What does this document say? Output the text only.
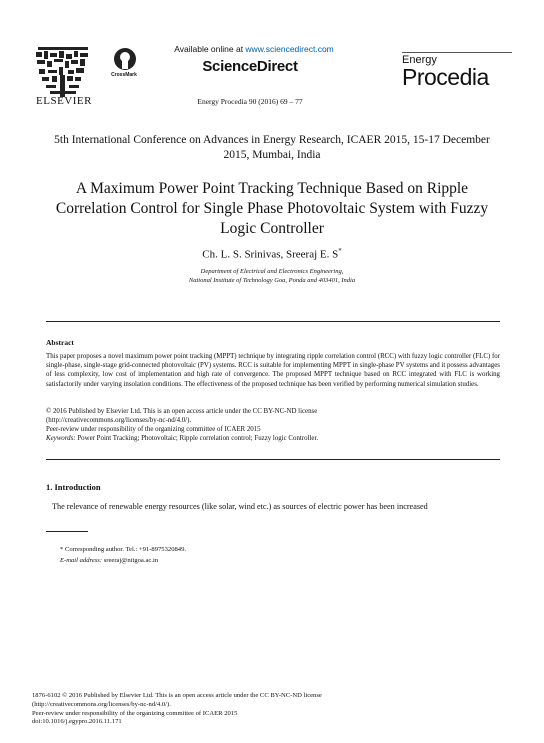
ELSEVIER
CrossMark
Available online at www.sciencedirect.com
ScienceDirect
Energy Procedia 90 (2016) 69 – 77
Energy
Procedia
5th International Conference on Advances in Energy Research, ICAER 2015, 15-17 December 2015, Mumbai, India
A Maximum Power Point Tracking Technique Based on Ripple Correlation Control for Single Phase Photovoltaic System with Fuzzy Logic Controller
Ch. L. S. Srinivas, Sreeraj E. S*
Department of Electrical and Electronics Engineering,
National Institute of Technology Goa, Ponda and 403401, India
Abstract
This paper proposes a novel maximum power point tracking (MPPT) technique by integrating ripple correlation control (RCC) with fuzzy logic controller (FLC) for single-phase, single-stage grid-connected photovoltaic (PV) systems. RCC is suitable for implementing MPPT in single-phase PV systems and it possess advantages of less complexity, low cost of implementation and high rate of convergence. The proposed MPPT technique based on RCC integrated with FLC is working satisfactorily under varying insolation conditions. The effectiveness of the proposed technique has been verified by performing numerical simulation studies.
© 2016 Published by Elsevier Ltd. This is an open access article under the CC BY-NC-ND license
(http://creativecommons.org/licenses/by-nc-nd/4.0/).
Peer-review under responsibility of the organizing committee of ICAER 2015
Keywords: Power Point Tracking; Photovoltaic; Ripple correlation control; Fuzzy logic Controller.
1. Introduction
The relevance of renewable energy resources (like solar, wind etc.) as sources of electric power has been increased
* Corresponding author. Tel.: +91-8975320849.
E-mail address: sreeraj@nitgoa.ac.in
1876-6102 © 2016 Published by Elsevier Ltd. This is an open access article under the CC BY-NC-ND license
(http://creativecommons.org/licenses/by-nc-nd/4.0/).
Peer-review under responsibility of the organizing committee of ICAER 2015
doi:10.1016/j.egypro.2016.11.171
